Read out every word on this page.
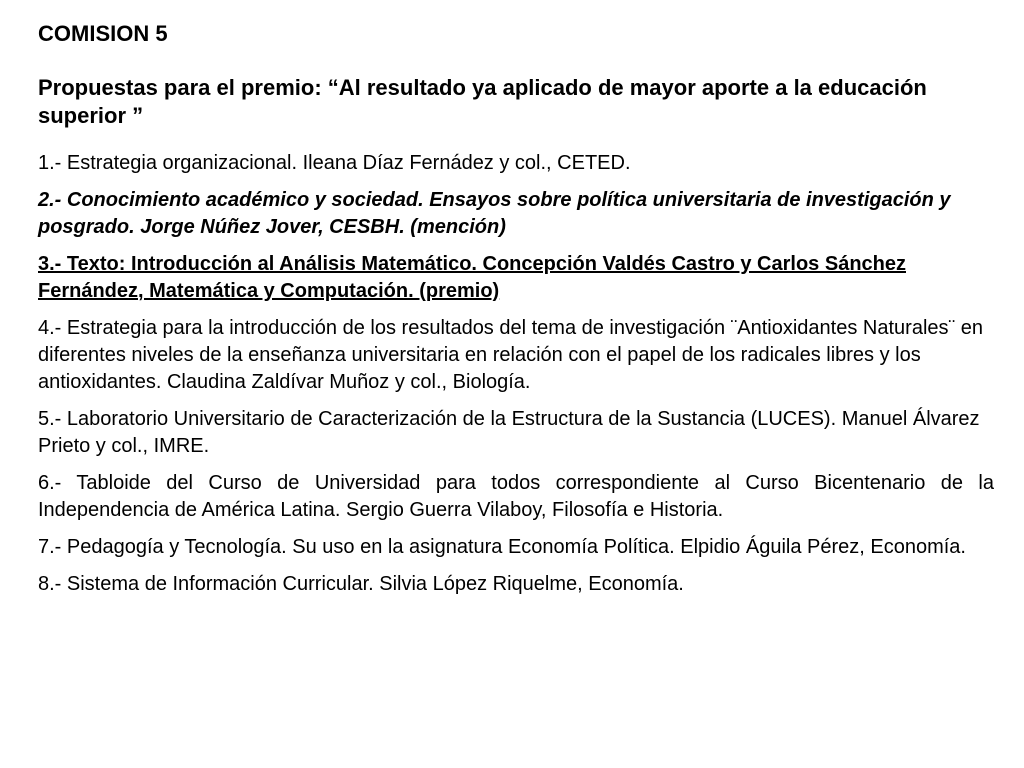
COMISION 5
Propuestas para el premio: “Al resultado ya aplicado de mayor aporte a la educación superior ”

1.- Estrategia organizacional. Ileana Díaz Fernádez y col., CETED.

2.- Conocimiento académico y sociedad. Ensayos sobre política universitaria de investigación y posgrado. Jorge Núñez Jover, CESBH. (mención)

3.- Texto: Introducción al Análisis Matemático. Concepción Valdés Castro y Carlos Sánchez Fernández, Matemática y Computación. (premio)

4.- Estrategia para la introducción de los resultados del tema de investigación ¨Antioxidantes Naturales¨ en diferentes niveles de la enseñanza universitaria en relación con el papel de los radicales libres y los antioxidantes. Claudina Zaldívar Muñoz y col., Biología.

5.- Laboratorio Universitario de Caracterización de la Estructura de la Sustancia (LUCES). Manuel Álvarez Prieto y col., IMRE.

6.- Tabloide del Curso de Universidad para todos correspondiente al Curso Bicentenario de la Independencia de América Latina. Sergio Guerra Vilaboy, Filosofía e Historia.

7.- Pedagogía y Tecnología. Su uso en la asignatura Economía Política. Elpidio Águila Pérez, Economía.

8.- Sistema de Información Curricular. Silvia López Riquelme, Economía.
